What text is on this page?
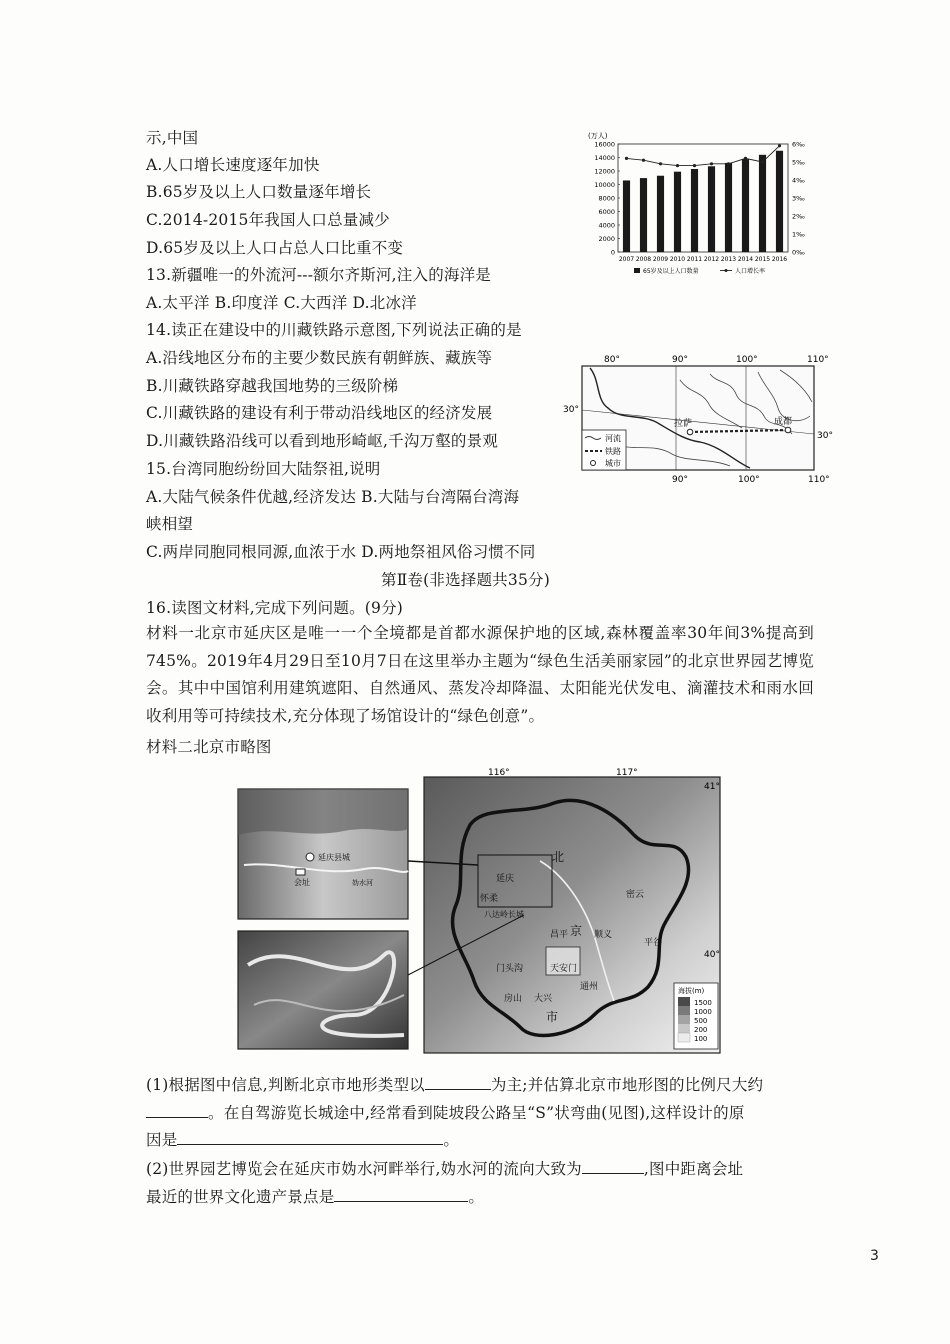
示,中国
A.人口增长速度逐年加快
B.65岁及以上人口数量逐年增长
C.2014-2015年我国人口总量减少
D.65岁及以上人口占总人口比重不变
(万人)
16000
14000
12000
10000
8000
6000
4000
2000
0
6‰
5‰
4‰
3‰
2‰
1‰
0‰
2007 2008 2009 2010 2011 2012 2013 2014 2015 2016
65岁及以上人口数量	人口增长率
13.新疆唯一的外流河---额尔齐斯河,注入的海洋是
A.太平洋 B.印度洋 C.大西洋 D.北冰洋
14.读正在建设中的川藏铁路示意图,下列说法正确的是
A.沿线地区分布的主要少数民族有朝鲜族、藏族等
B.川藏铁路穿越我国地势的三级阶梯
C.川藏铁路的建设有利于带动沿线地区的经济发展
D.川藏铁路沿线可以看到地形崎岖,千沟万壑的景观
80°	90°	100°	110°
90°	100°	110°
30°
30°
拉萨	成都
河流
铁路
城市
15.台湾同胞纷纷回大陆祭祖,说明
A.大陆气候条件优越,经济发达 B.大陆与台湾隔台湾海
峡相望
C.两岸同胞同根同源,血浓于水 D.两地祭祖风俗习惯不同
第Ⅱ卷(非选择题共35分)
16.读图文材料,完成下列问题。(9分)
材料一北京市延庆区是唯一一个全境都是首都水源保护地的区域,森林覆盖率30年间3%提高到745%。2019年4月29日至10月7日在这里举办主题为“绿色生活美丽家园”的北京世界园艺博览会。其中中国馆利用建筑遮阳、自然通风、蒸发冷却降温、太阳能光伏发电、滴灌技术和雨水回收利用等可持续技术,充分体现了场馆设计的“绿色创意”。
材料二北京市略图
延庆县城
会址	妫水河
116°	117°
41°
40°
北
延庆
怀柔	密云
昌平 京 顺义
平谷
门头沟	天安门
房山 大兴
市
通州
八达岭长城
海拔(m)
1500
1000
500
200
100
(1)根据图中信息,判断北京市地形类型以	为主;并估算北京市地形图的比例尺大约
。在自驾游览长城途中,经常看到陡坡段公路呈“S”状弯曲(见图),这样设计的原
因是	。
(2)世界园艺博览会在延庆市妫水河畔举行,妫水河的流向大致为	,图中距离会址
最近的世界文化遗产景点是	。
3
